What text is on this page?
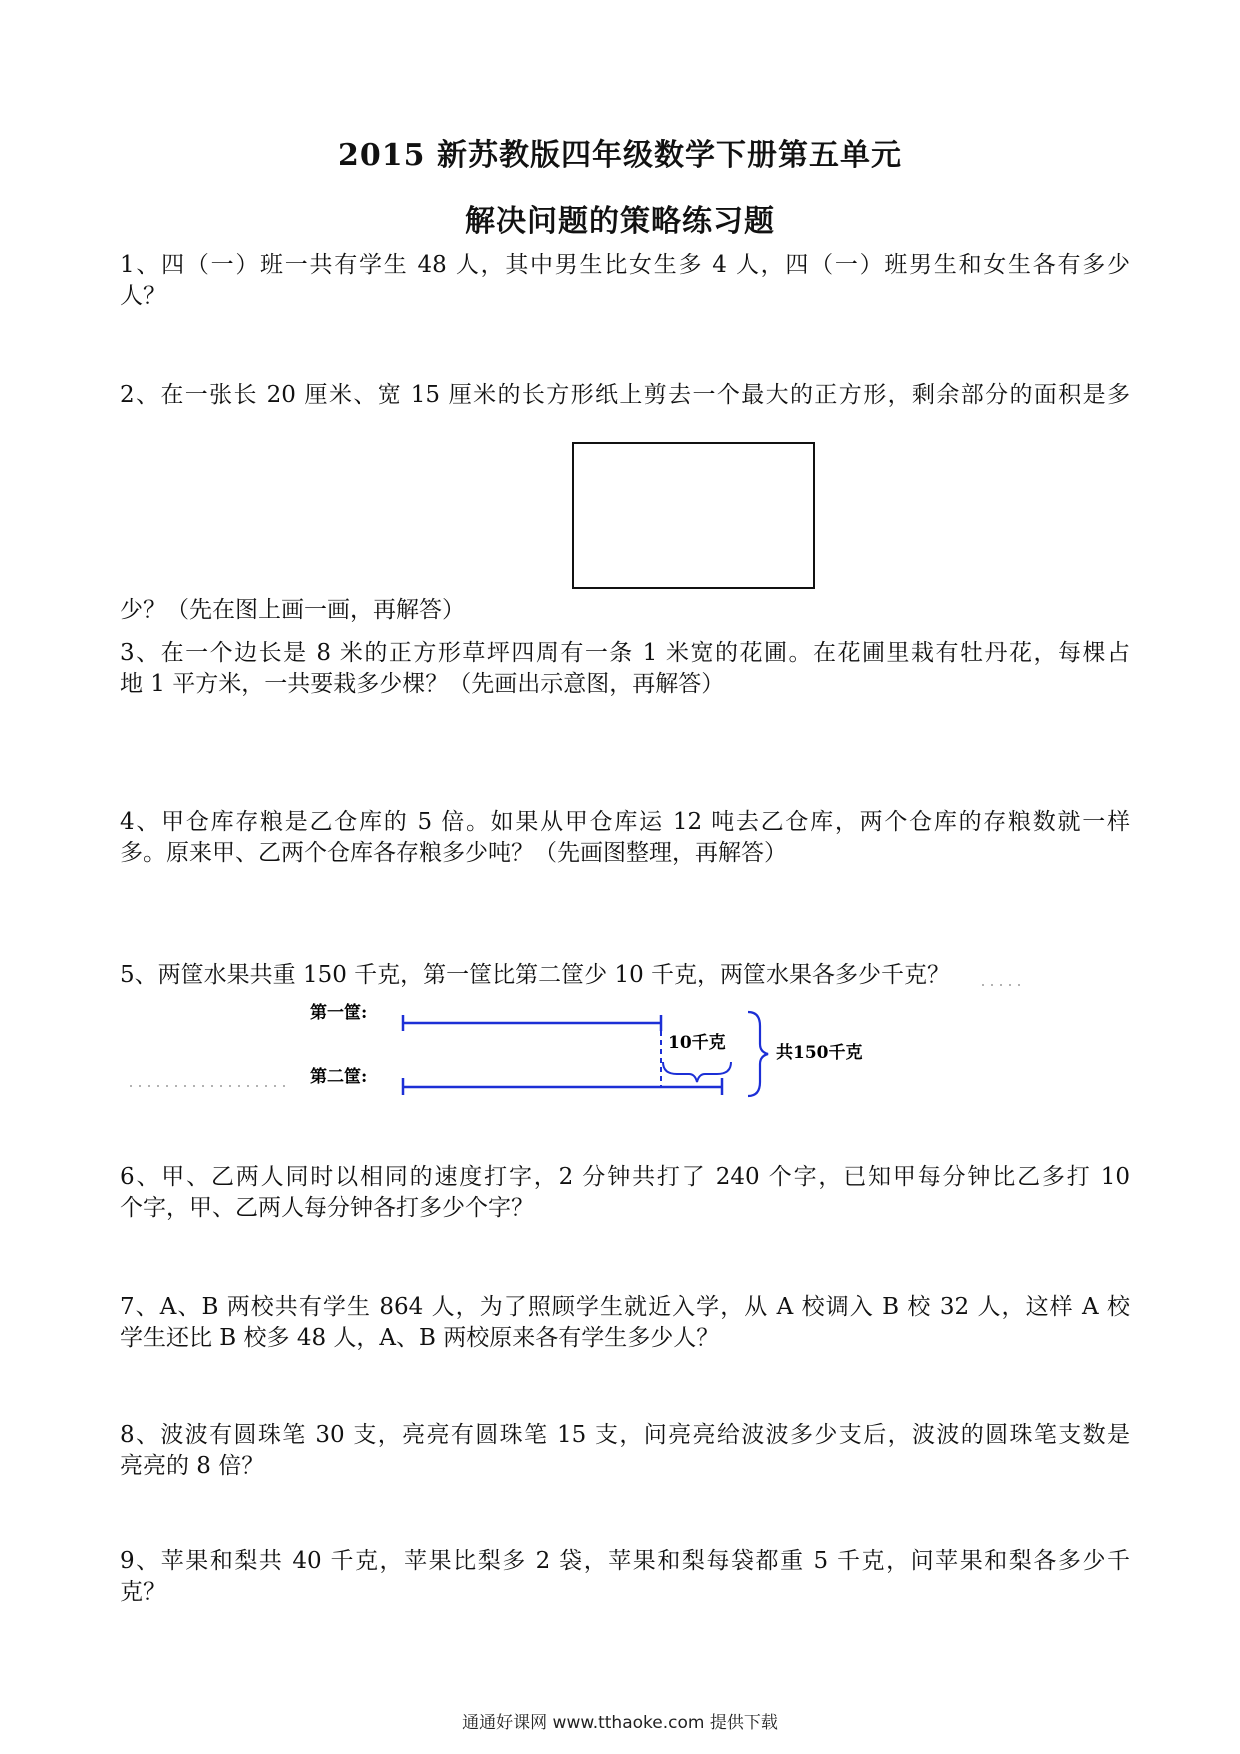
2015 新苏教版四年级数学下册第五单元
解决问题的策略练习题
1、四（一）班一共有学生 48 人，其中男生比女生多 4 人，四（一）班男生和女生各有多少
人？
2、在一张长 20 厘米、宽 15 厘米的长方形纸上剪去一个最大的正方形，剩余部分的面积是多
少？（先在图上画一画，再解答）
3、在一个边长是 8 米的正方形草坪四周有一条 1 米宽的花圃。在花圃里栽有牡丹花，每棵占
地 1 平方米，一共要栽多少棵？（先画出示意图，再解答）
4、甲仓库存粮是乙仓库的 5 倍。如果从甲仓库运 12 吨去乙仓库，两个仓库的存粮数就一样
多。原来甲、乙两个仓库各存粮多少吨？（先画图整理，再解答）
5、两筐水果共重 150 千克，第一筐比第二筐少 10 千克，两筐水果各多少千克？
第一筐:
第二筐:
10千克	共150千克
6、甲、乙两人同时以相同的速度打字，2 分钟共打了 240 个字，已知甲每分钟比乙多打 10
个字，甲、乙两人每分钟各打多少个字？
7、A、B 两校共有学生 864 人，为了照顾学生就近入学，从 A 校调入 B 校 32 人，这样 A 校
学生还比 B 校多 48 人，A、B 两校原来各有学生多少人？
8、波波有圆珠笔 30 支，亮亮有圆珠笔 15 支，问亮亮给波波多少支后，波波的圆珠笔支数是
亮亮的 8 倍？
9、苹果和梨共 40 千克，苹果比梨多 2 袋，苹果和梨每袋都重 5 千克，问苹果和梨各多少千
克？
通通好课网 www.tthaoke.com 提供下载
